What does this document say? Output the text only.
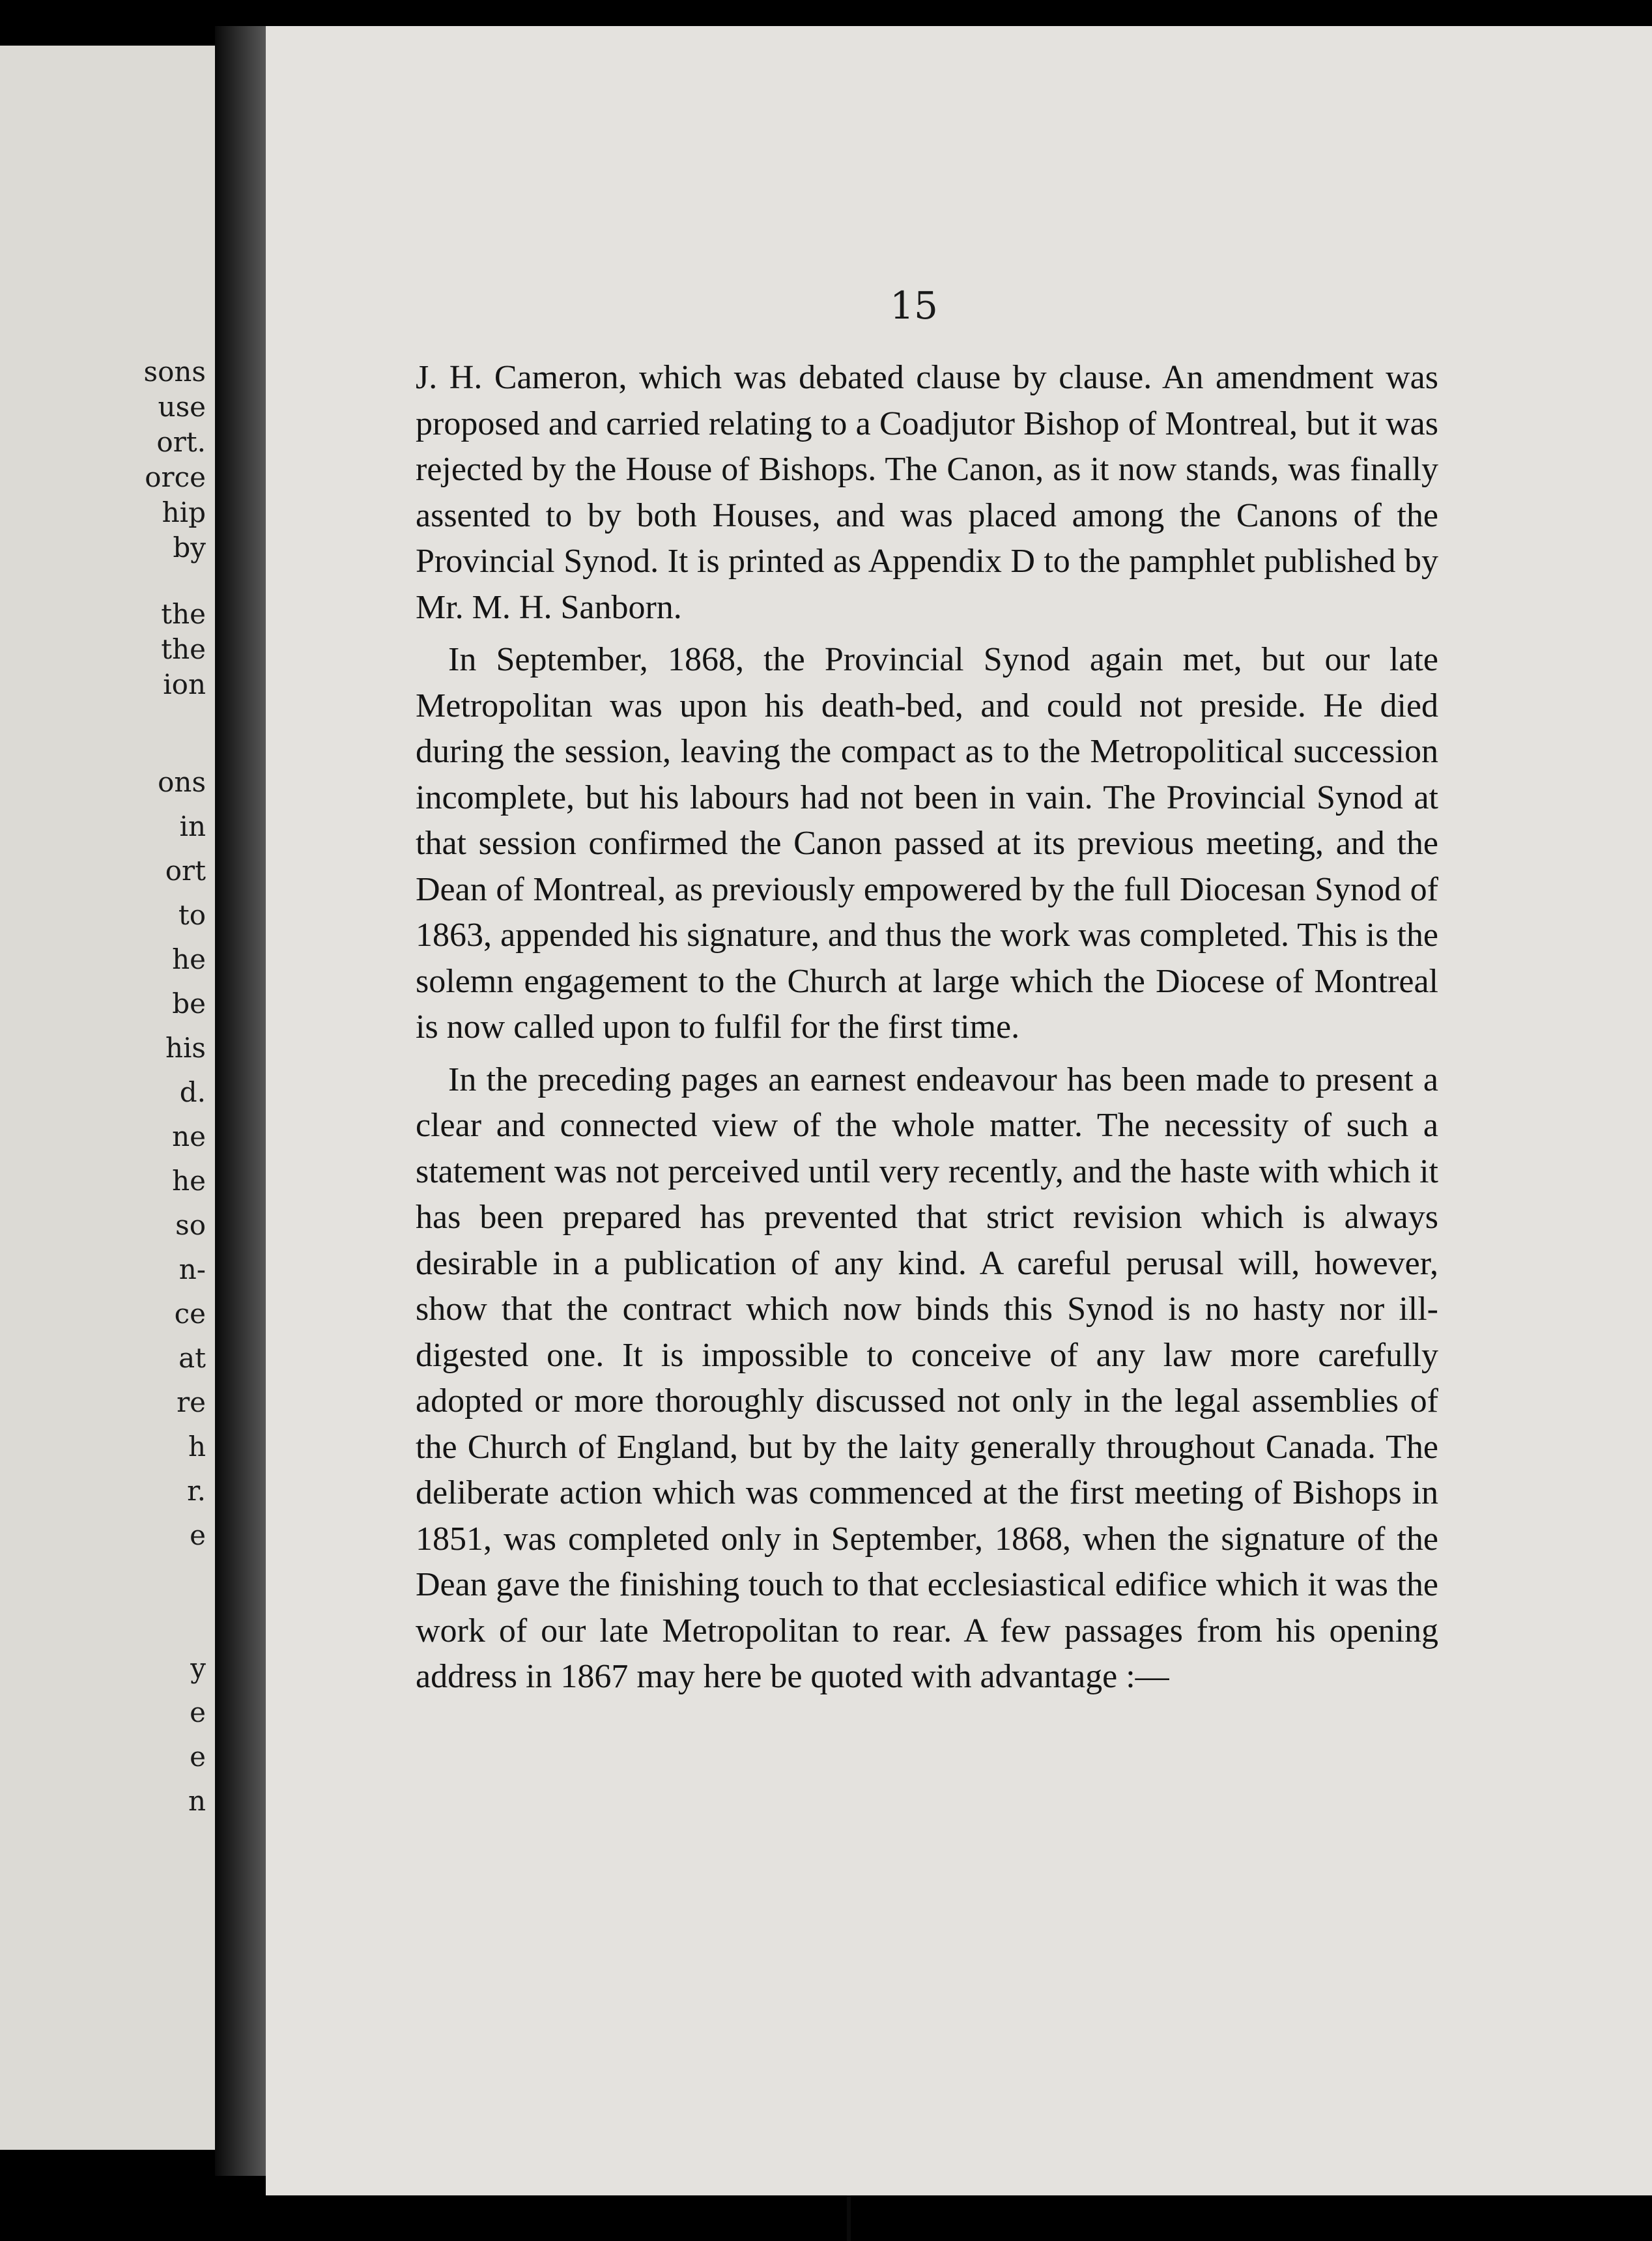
sons
use
ort.
orce
hip
by
the
the
ion
ons
in
ort
to
he
be
his
d.
ne
he
so
n-
ce
at
re
h
r.
e
y
e
e
n
15

J. H. Cameron, which was debated clause by clause. An amendment was proposed and carried relating to a Coadjutor Bishop of Montreal, but it was rejected by the House of Bishops. The Canon, as it now stands, was finally assented to by both Houses, and was placed among the Canons of the Provincial Synod. It is printed as Appendix D to the pamphlet published by Mr. M. H. Sanborn.

In September, 1868, the Provincial Synod again met, but our late Metropolitan was upon his death-bed, and could not preside. He died during the session, leaving the compact as to the Metropolitical succession incomplete, but his labours had not been in vain. The Provincial Synod at that session confirmed the Canon passed at its previous meeting, and the Dean of Montreal, as previously empowered by the full Diocesan Synod of 1863, appended his signature, and thus the work was completed. This is the solemn engagement to the Church at large which the Diocese of Montreal is now called upon to fulfil for the first time.

In the preceding pages an earnest endeavour has been made to present a clear and connected view of the whole matter. The necessity of such a statement was not perceived until very recently, and the haste with which it has been prepared has prevented that strict revision which is always desirable in a publication of any kind. A careful perusal will, however, show that the contract which now binds this Synod is no hasty nor ill-digested one. It is impossible to conceive of any law more carefully adopted or more thoroughly discussed not only in the legal assemblies of the Church of England, but by the laity generally throughout Canada. The deliberate action which was commenced at the first meeting of Bishops in 1851, was completed only in September, 1868, when the signature of the Dean gave the finishing touch to that ecclesiastical edifice which it was the work of our late Metropolitan to rear. A few passages from his opening address in 1867 may here be quoted with advantage :—
